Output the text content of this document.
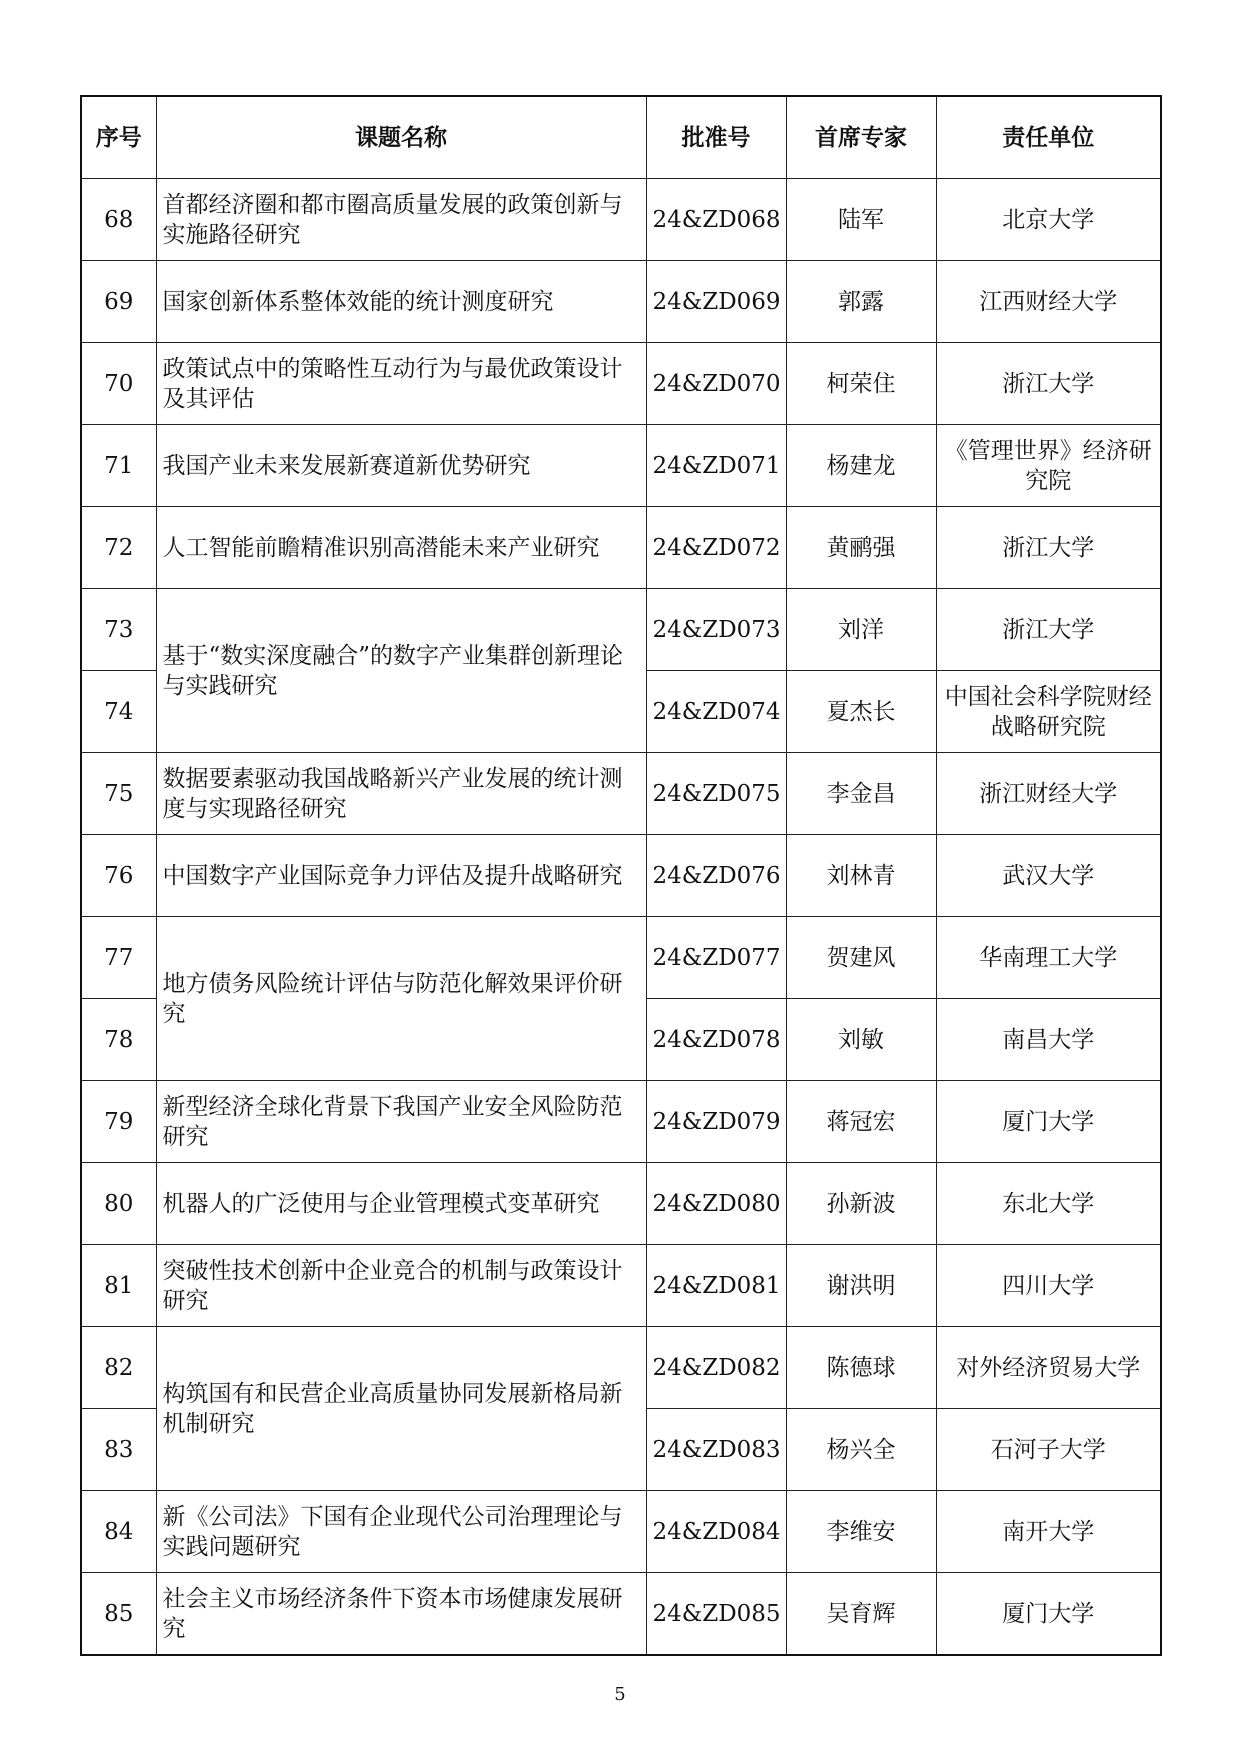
序号	课题名称	批准号	首席专家	责任单位
68	首都经济圈和都市圈高质量发展的政策创新与实施路径研究	24&ZD068	陆军	北京大学
69	国家创新体系整体效能的统计测度研究	24&ZD069	郭露	江西财经大学
70	政策试点中的策略性互动行为与最优政策设计及其评估	24&ZD070	柯荣住	浙江大学
71	我国产业未来发展新赛道新优势研究	24&ZD071	杨建龙	《管理世界》经济研究院
72	人工智能前瞻精准识别高潜能未来产业研究	24&ZD072	黄鹂强	浙江大学
73	基于“数实深度融合”的数字产业集群创新理论与实践研究	24&ZD073	刘洋	浙江大学
74		24&ZD074	夏杰长	中国社会科学院财经战略研究院
75	数据要素驱动我国战略新兴产业发展的统计测度与实现路径研究	24&ZD075	李金昌	浙江财经大学
76	中国数字产业国际竞争力评估及提升战略研究	24&ZD076	刘林青	武汉大学
77	地方债务风险统计评估与防范化解效果评价研究	24&ZD077	贺建风	华南理工大学
78		24&ZD078	刘敏	南昌大学
79	新型经济全球化背景下我国产业安全风险防范研究	24&ZD079	蒋冠宏	厦门大学
80	机器人的广泛使用与企业管理模式变革研究	24&ZD080	孙新波	东北大学
81	突破性技术创新中企业竞合的机制与政策设计研究	24&ZD081	谢洪明	四川大学
82	构筑国有和民营企业高质量协同发展新格局新机制研究	24&ZD082	陈德球	对外经济贸易大学
83		24&ZD083	杨兴全	石河子大学
84	新《公司法》下国有企业现代公司治理理论与实践问题研究	24&ZD084	李维安	南开大学
85	社会主义市场经济条件下资本市场健康发展研究	24&ZD085	吴育辉	厦门大学
5
